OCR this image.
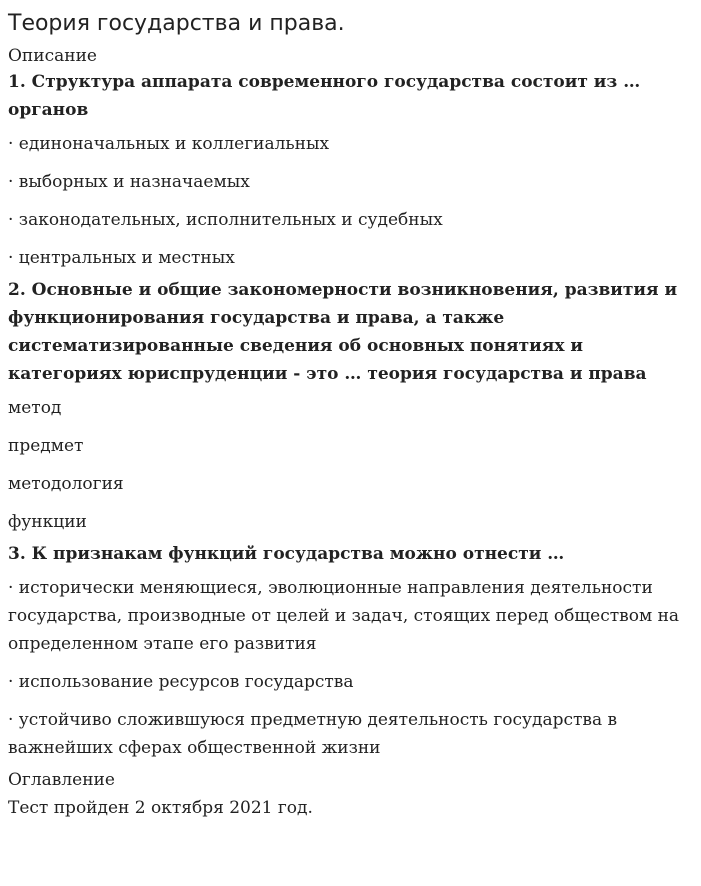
Теория государства и права.

Описание

1. Структура аппарата современного государства состоит из … органов

· единоначальных и коллегиальных

· выборных и назначаемых

· законодательных, исполнительных и судебных

· центральных и местных

2. Основные и общие закономерности возникновения, развития и функционирования государства и права, а также систематизированные сведения об основных понятиях и категориях юриспруденции - это … теория государства и права

метод

предмет

методология

функции

3. К признакам функций государства можно отнести …

· исторически меняющиеся, эволюционные направления деятельности государства, производные от целей и задач, стоящих перед обществом на определенном этапе его развития

· использование ресурсов государства

· устойчиво сложившуюся предметную деятельность государства в важнейших сферах общественной жизни

Оглавление

Тест пройден 2 октября 2021 год.
